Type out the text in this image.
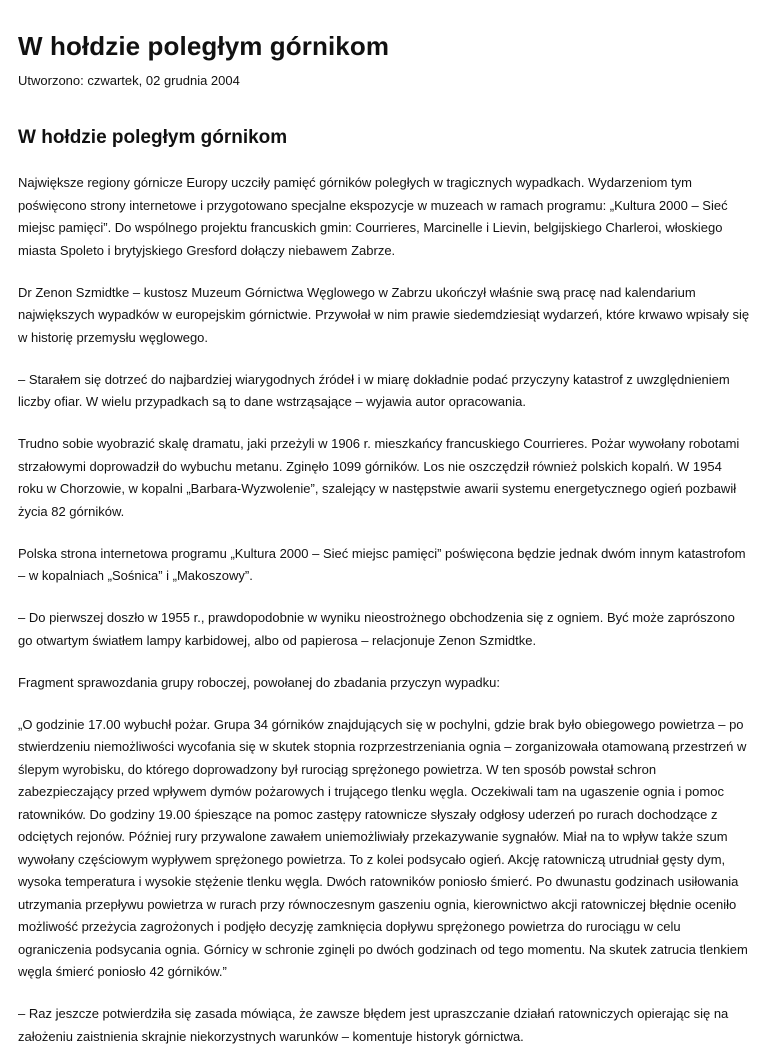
W hołdzie poległym górnikom
Utworzono: czwartek, 02 grudnia 2004
W hołdzie poległym górnikom

Największe regiony górnicze Europy uczciły pamięć górników poległych w tragicznych wypadkach. Wydarzeniom tym poświęcono strony internetowe i przygotowano specjalne ekspozycje w muzeach w ramach programu: „Kultura 2000 – Sieć miejsc pamięci”. Do wspólnego projektu francuskich gmin: Courrieres, Marcinelle i Lievin, belgijskiego Charleroi, włoskiego miasta Spoleto i brytyjskiego Gresford dołączy niebawem Zabrze.

Dr Zenon Szmidtke – kustosz Muzeum Górnictwa Węglowego w Zabrzu ukończył właśnie swą pracę nad kalendarium największych wypadków w europejskim górnictwie. Przywołał w nim prawie siedemdziesiąt wydarzeń, które krwawo wpisały się w historię przemysłu węglowego.

– Starałem się dotrzeć do najbardziej wiarygodnych źródeł i w miarę dokładnie podać przyczyny katastrof z uwzględnieniem liczby ofiar. W wielu przypadkach są to dane wstrząsające – wyjawia autor opracowania.

Trudno sobie wyobrazić skalę dramatu, jaki przeżyli w 1906 r. mieszkańcy francuskiego Courrieres. Pożar wywołany robotami strzałowymi doprowadził do wybuchu metanu. Zginęło 1099 górników. Los nie oszczędził również polskich kopalń. W 1954 roku w Chorzowie, w kopalni „Barbara-Wyzwolenie”, szalejący w następstwie awarii systemu energetycznego ogień pozbawił życia 82 górników.

Polska strona internetowa programu „Kultura 2000 – Sieć miejsc pamięci” poświęcona będzie jednak dwóm innym katastrofom – w kopalniach „Sośnica” i „Makoszowy”.

– Do pierwszej doszło w 1955 r., prawdopodobnie w wyniku nieostrożnego obchodzenia się z ogniem. Być może zaprószono go otwartym światłem lampy karbidowej, albo od papierosa – relacjonuje Zenon Szmidtke.

Fragment sprawozdania grupy roboczej, powołanej do zbadania przyczyn wypadku:

„O godzinie 17.00 wybuchł pożar. Grupa 34 górników znajdujących się w pochylni, gdzie brak było obiegowego powietrza – po stwierdzeniu niemożliwości wycofania się w skutek stopnia rozprzestrzeniania ognia – zorganizowała otamowaną przestrzeń w ślepym wyrobisku, do którego doprowadzony był rurociąg sprężonego powietrza. W ten sposób powstał schron zabezpieczający przed wpływem dymów pożarowych i trującego tlenku węgla. Oczekiwali tam na ugaszenie ognia i pomoc ratowników. Do godziny 19.00 śpieszące na pomoc zastępy ratownicze słyszały odgłosy uderzeń po rurach dochodzące z odciętych rejonów. Później rury przywalone zawałem uniemożliwiały przekazywanie sygnałów. Miał na to wpływ także szum wywołany częściowym wypływem sprężonego powietrza. To z kolei podsycało ogień. Akcję ratowniczą utrudniał gęsty dym, wysoka temperatura i wysokie stężenie tlenku węgla. Dwóch ratowników poniosło śmierć. Po dwunastu godzinach usiłowania utrzymania przepływu powietrza w rurach przy równoczesnym gaszeniu ognia, kierownictwo akcji ratowniczej błędnie oceniło możliwość przeżycia zagrożonych i podjęło decyzję zamknięcia dopływu sprężonego powietrza do rurociągu w celu ograniczenia podsycania ognia. Górnicy w schronie zginęli po dwóch godzinach od tego momentu. Na skutek zatrucia tlenkiem węgla śmierć poniosło 42 górników.”

– Raz jeszcze potwierdziła się zasada mówiąca, że zawsze błędem jest upraszczanie działań ratowniczych opierając się na założeniu zaistnienia skrajnie niekorzystnych warunków – komentuje historyk górnictwa.
